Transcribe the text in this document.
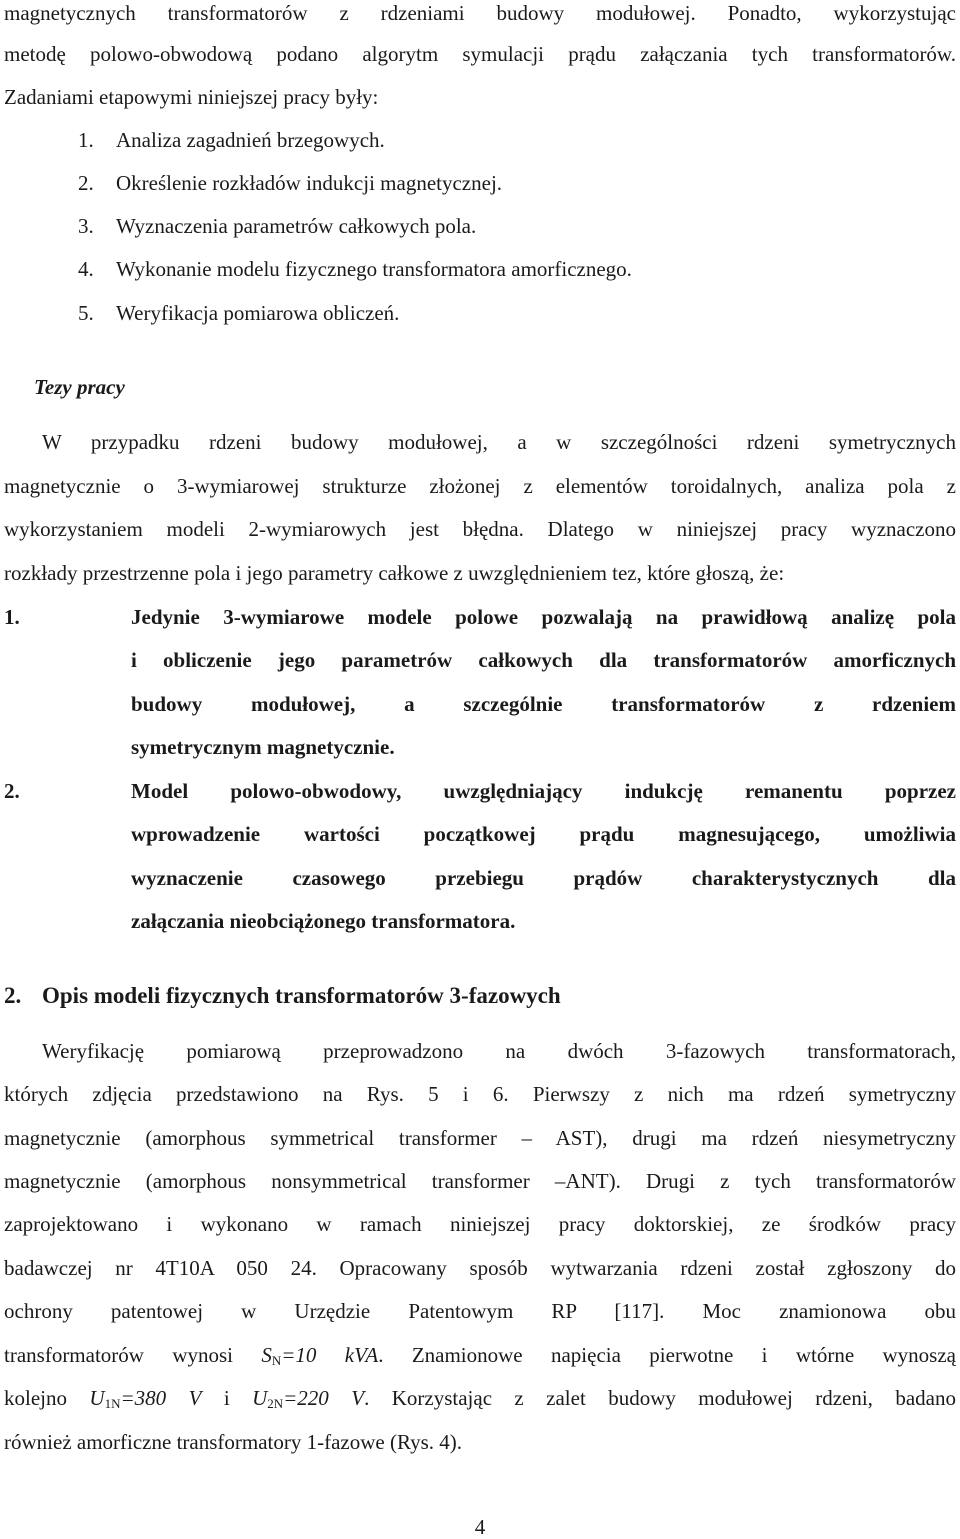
magnetycznych transformatorów z rdzeniami budowy modułowej. Ponadto, wykorzystując
metodę polowo-obwodową podano algorytm symulacji prądu załączania tych transformatorów.
Zadaniami etapowymi niniejszej pracy były:
1. Analiza zagadnień brzegowych.
2. Określenie rozkładów indukcji magnetycznej.
3. Wyznaczenia parametrów całkowych pola.
4. Wykonanie modelu fizycznego transformatora amorficznego.
5. Weryfikacja pomiarowa obliczeń.
Tezy pracy
W przypadku rdzeni budowy modułowej, a w szczególności rdzeni symetrycznych
magnetycznie o 3-wymiarowej strukturze złożonej z elementów toroidalnych, analiza pola z
wykorzystaniem modeli 2-wymiarowych jest błędna. Dlatego w niniejszej pracy wyznaczono
rozkłady przestrzenne pola i jego parametry całkowe z uwzględnieniem tez, które głoszą, że:
1.	Jedynie 3-wymiarowe modele polowe pozwalają na prawidłową analizę pola
i obliczenie jego parametrów całkowych dla transformatorów amorficznych
budowy modułowej, a szczególnie transformatorów z rdzeniem
symetrycznym magnetycznie.
2.	Model polowo-obwodowy, uwzględniający indukcję remanentu poprzez
wprowadzenie wartości początkowej prądu magnesującego, umożliwia
wyznaczenie czasowego przebiegu prądów charakterystycznych dla
załączania nieobciążonego transformatora.
2. Opis modeli fizycznych transformatorów 3-fazowych
Weryfikację pomiarową przeprowadzono na dwóch 3-fazowych transformatorach,
których zdjęcia przedstawiono na Rys. 5 i 6. Pierwszy z nich ma rdzeń symetryczny
magnetycznie (amorphous symmetrical transformer – AST), drugi ma rdzeń niesymetryczny
magnetycznie (amorphous nonsymmetrical transformer –ANT). Drugi z tych transformatorów
zaprojektowano i wykonano w ramach niniejszej pracy doktorskiej, ze środków pracy
badawczej nr 4T10A 050 24. Opracowany sposób wytwarzania rdzeni został zgłoszony do
ochrony patentowej w Urzędzie Patentowym RP [117]. Moc znamionowa obu
transformatorów wynosi $S_N=10$ kVA. Znamionowe napięcia pierwotne i wtórne wynoszą
kolejno $U_{1N}=380$ V i $U_{2N}=220$ V. Korzystając z zalet budowy modułowej rdzeni, badano
również amorficzne transformatory 1-fazowe (Rys. 4).
4
